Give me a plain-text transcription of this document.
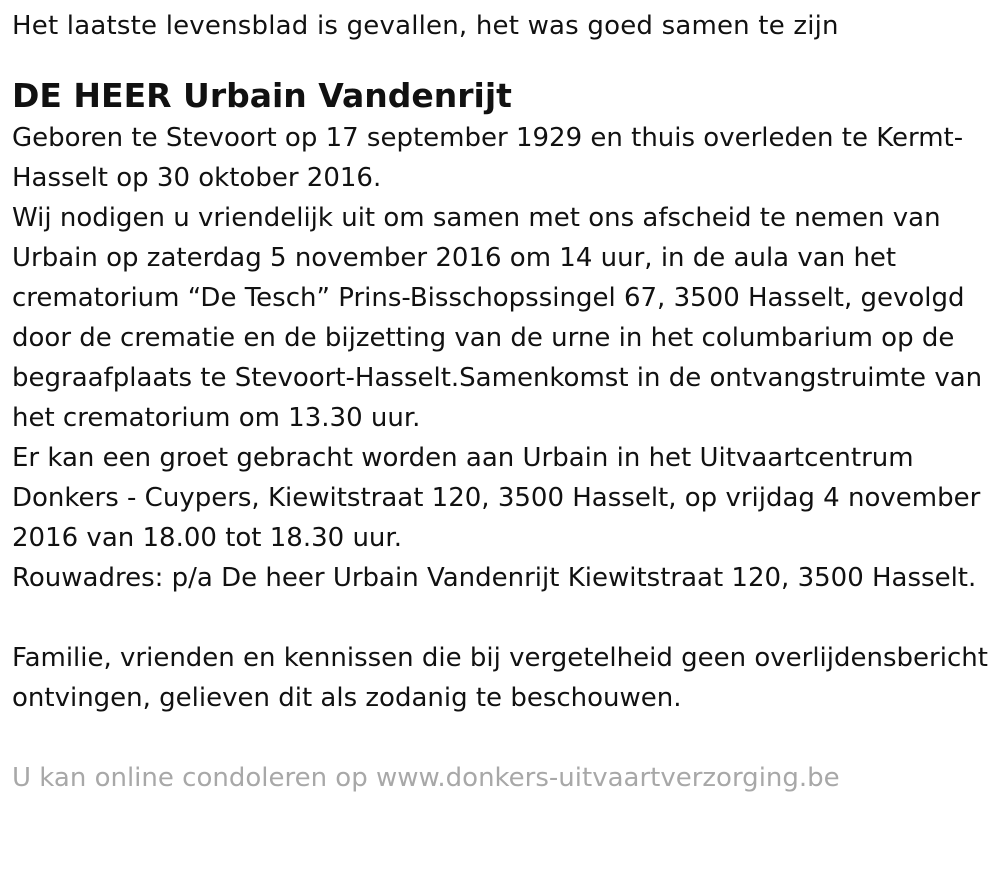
Het laatste levensblad is gevallen, het was goed samen te zijn

DE HEER Urbain Vandenrijt

Geboren te Stevoort op 17 september 1929 en thuis overleden te Kermt-Hasselt op 30 oktober 2016.

Wij nodigen u vriendelijk uit om samen met ons afscheid te nemen van Urbain op zaterdag 5 november 2016 om 14 uur, in de aula van het crematorium “De Tesch” Prins-Bisschopssingel 67, 3500 Hasselt, gevolgd door de crematie en de bijzetting van de urne in het columbarium op de begraafplaats te Stevoort-Hasselt.Samenkomst in de ontvangstruimte van het crematorium om 13.30 uur.

Er kan een groet gebracht worden aan Urbain in het Uitvaartcentrum Donkers - Cuypers, Kiewitstraat 120, 3500 Hasselt, op vrijdag 4 november 2016 van 18.00 tot 18.30 uur.

Rouwadres: p/a De heer Urbain Vandenrijt Kiewitstraat 120, 3500 Hasselt.

Familie, vrienden en kennissen die bij vergetelheid geen overlijdensbericht ontvingen, gelieven dit als zodanig te beschouwen.

U kan online condoleren op www.donkers-uitvaartverzorging.be
